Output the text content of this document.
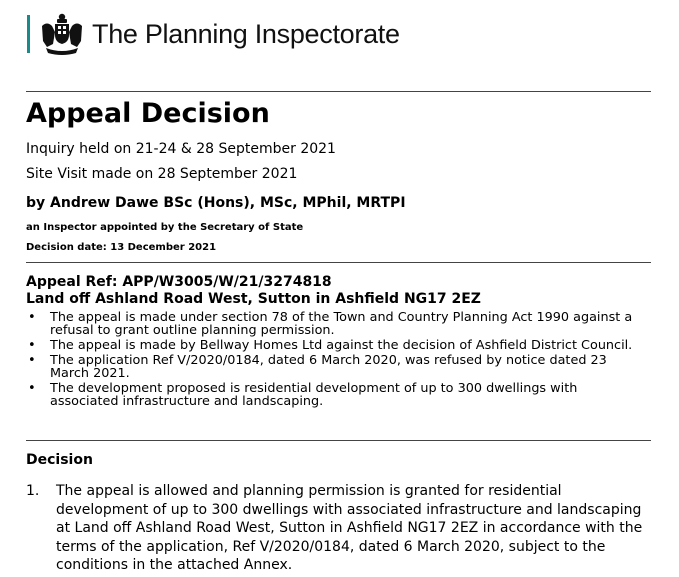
The Planning Inspectorate
Appeal Decision
Inquiry held on 21-24 & 28 September 2021
Site Visit made on 28 September 2021
by Andrew Dawe BSc (Hons), MSc, MPhil, MRTPI
an Inspector appointed by the Secretary of State
Decision date: 13 December 2021
Appeal Ref: APP/W3005/W/21/3274818
Land off Ashland Road West, Sutton in Ashfield NG17 2EZ
• The appeal is made under section 78 of the Town and Country Planning Act 1990 against a refusal to grant outline planning permission.
• The appeal is made by Bellway Homes Ltd against the decision of Ashfield District Council.
• The application Ref V/2020/0184, dated 6 March 2020, was refused by notice dated 23 March 2021.
• The development proposed is residential development of up to 300 dwellings with associated infrastructure and landscaping.
Decision
1.	The appeal is allowed and planning permission is granted for residential development of up to 300 dwellings with associated infrastructure and landscaping at Land off Ashland Road West, Sutton in Ashfield NG17 2EZ in accordance with the terms of the application, Ref V/2020/0184, dated 6 March 2020, subject to the conditions in the attached Annex.
